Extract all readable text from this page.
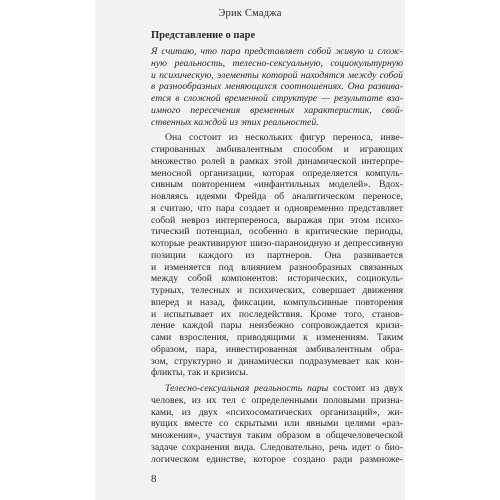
Эрик Смаджа
Представление о паре
Я считаю, что пара представляет собой живую и слож-
ную реальность, телесно-сексуальную, социокультурную
и психическую, элементы которой находятся между собой
в разнообразных меняющихся соотношениях. Она развива-
ется в сложной временной структуре — результате вза-
имного пересечения временных характеристик, свой-
ственных каждой из этих реальностей.
Она состоит из нескольких фигур переноса, инве-
стированных амбивалентным способом и играющих
множество ролей в рамках этой динамической интерпре-
меносной организации, которая определяется компуль-
сивным повторением «инфантильных моделей». Вдох-
новляясь идеями Фрейда об аналитическом переносе,
я считаю, что пара создает и одновременно представляет
собой невроз интерпереноса, выражая при этом психо-
тический потенциал, особенно в критические периоды,
которые реактивируют шизо-параноидную и депрессивную
позиции каждого из партнеров. Она развивается
и изменяется под влиянием разнообразных связанных
между собой компонентов: исторических, социокуль-
турных, телесных и психических, совершает движения
вперед и назад, фиксации, компульсивные повторения
и испытывает их последействия. Кроме того, станов-
ление каждой пары неизбежно сопровождается кризи-
сами взросления, приводящими к изменениям. Таким
образом, пара, инвестированная амбивалентным обра-
зом, структурно и динамически подразумевает как кон-
фликты, так и кризисы.
Телесно-сексуальная реальность пары состоит из двух
человек, из их тел с определенными половыми призна-
ками, из двух «психосоматических организаций», жи-
вущих вместе со скрытыми или явными целями «раз-
множения», участвуя таким образом в общечеловеческой
задаче сохранения вида. Следовательно, речь идет о био-
логическом единстве, которое создано ради размноже-
8
